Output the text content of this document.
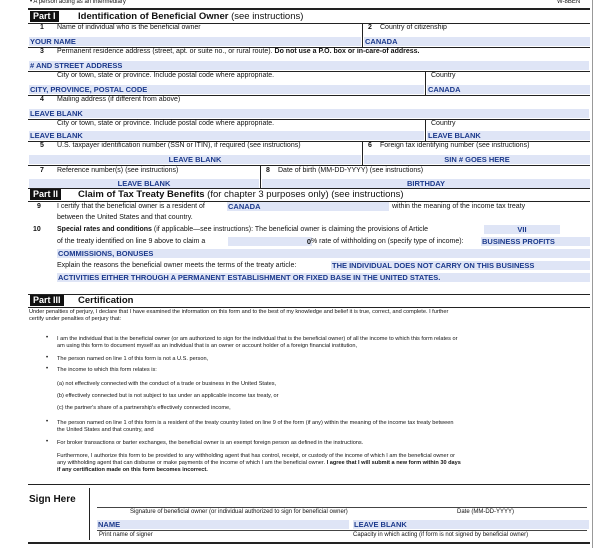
• A person acting as an intermediary	W-8BEN
Part I	Identification of Beneficial Owner (see instructions)
1 Name of individual who is the beneficial owner	2 Country of citizenship
YOUR NAME	CANADA
3 Permanent residence address (street, apt. or suite no., or rural route). Do not use a P.O. box or in-care-of address.
# AND STREET ADDRESS
City or town, state or province. Include postal code where appropriate.	Country
CITY, PROVINCE, POSTAL CODE	CANADA
4 Mailing address (if different from above)
LEAVE BLANK
City or town, state or province. Include postal code where appropriate.	Country
LEAVE BLANK	LEAVE BLANK
5 U.S. taxpayer identification number (SSN or ITIN), if required (see instructions)	6 Foreign tax identifying number (see instructions)
LEAVE BLANK	SIN # GOES HERE
7 Reference number(s) (see instructions)	8 Date of birth (MM-DD-YYYY) (see instructions)
LEAVE BLANK	BIRTHDAY
Part II	Claim of Tax Treaty Benefits (for chapter 3 purposes only) (see instructions)
9 I certify that the beneficial owner is a resident of	CANADA	within the meaning of the income tax treaty
between the United States and that country.
10 Special rates and conditions (if applicable—see instructions): The beneficial owner is claiming the provisions of Article	VII
of the treaty identified on line 9 above to claim a	0 % rate of withholding on (specify type of income): BUSINESS PROFITS
COMMISSIONS, BONUSES
Explain the reasons the beneficial owner meets the terms of the treaty article:	THE INDIVIDUAL DOES NOT CARRY ON THIS BUSINESS
ACTIVITIES EITHER THROUGH A PERMANENT ESTABLISHMENT OR FIXED BASE IN THE UNITED STATES.
Part III	Certification
Under penalties of perjury, I declare that I have examined the information on this form and to the best of my knowledge and belief it is true, correct, and complete. I further
certify under penalties of perjury that:
• I am the individual that is the beneficial owner (or am authorized to sign for the individual that is the beneficial owner) of all the income to which this form relates or
am using this form to document myself as an individual that is an owner or account holder of a foreign financial institution,
• The person named on line 1 of this form is not a U.S. person,
• The income to which this form relates is:
(a) not effectively connected with the conduct of a trade or business in the United States,
(b) effectively connected but is not subject to tax under an applicable income tax treaty, or
(c) the partner's share of a partnership's effectively connected income,
• The person named on line 1 of this form is a resident of the treaty country listed on line 9 of the form (if any) within the meaning of the income tax treaty between
the United States and that country, and
• For broker transactions or barter exchanges, the beneficial owner is an exempt foreign person as defined in the instructions.
Furthermore, I authorize this form to be provided to any withholding agent that has control, receipt, or custody of the income of which I am the beneficial owner or
any withholding agent that can disburse or make payments of the income of which I am the beneficial owner. I agree that I will submit a new form within 30 days
if any certification made on this form becomes incorrect.
Sign Here
Signature of beneficial owner (or individual authorized to sign for beneficial owner)	Date (MM-DD-YYYY)
NAME	LEAVE BLANK
Print name of signer	Capacity in which acting (if form is not signed by beneficial owner)
